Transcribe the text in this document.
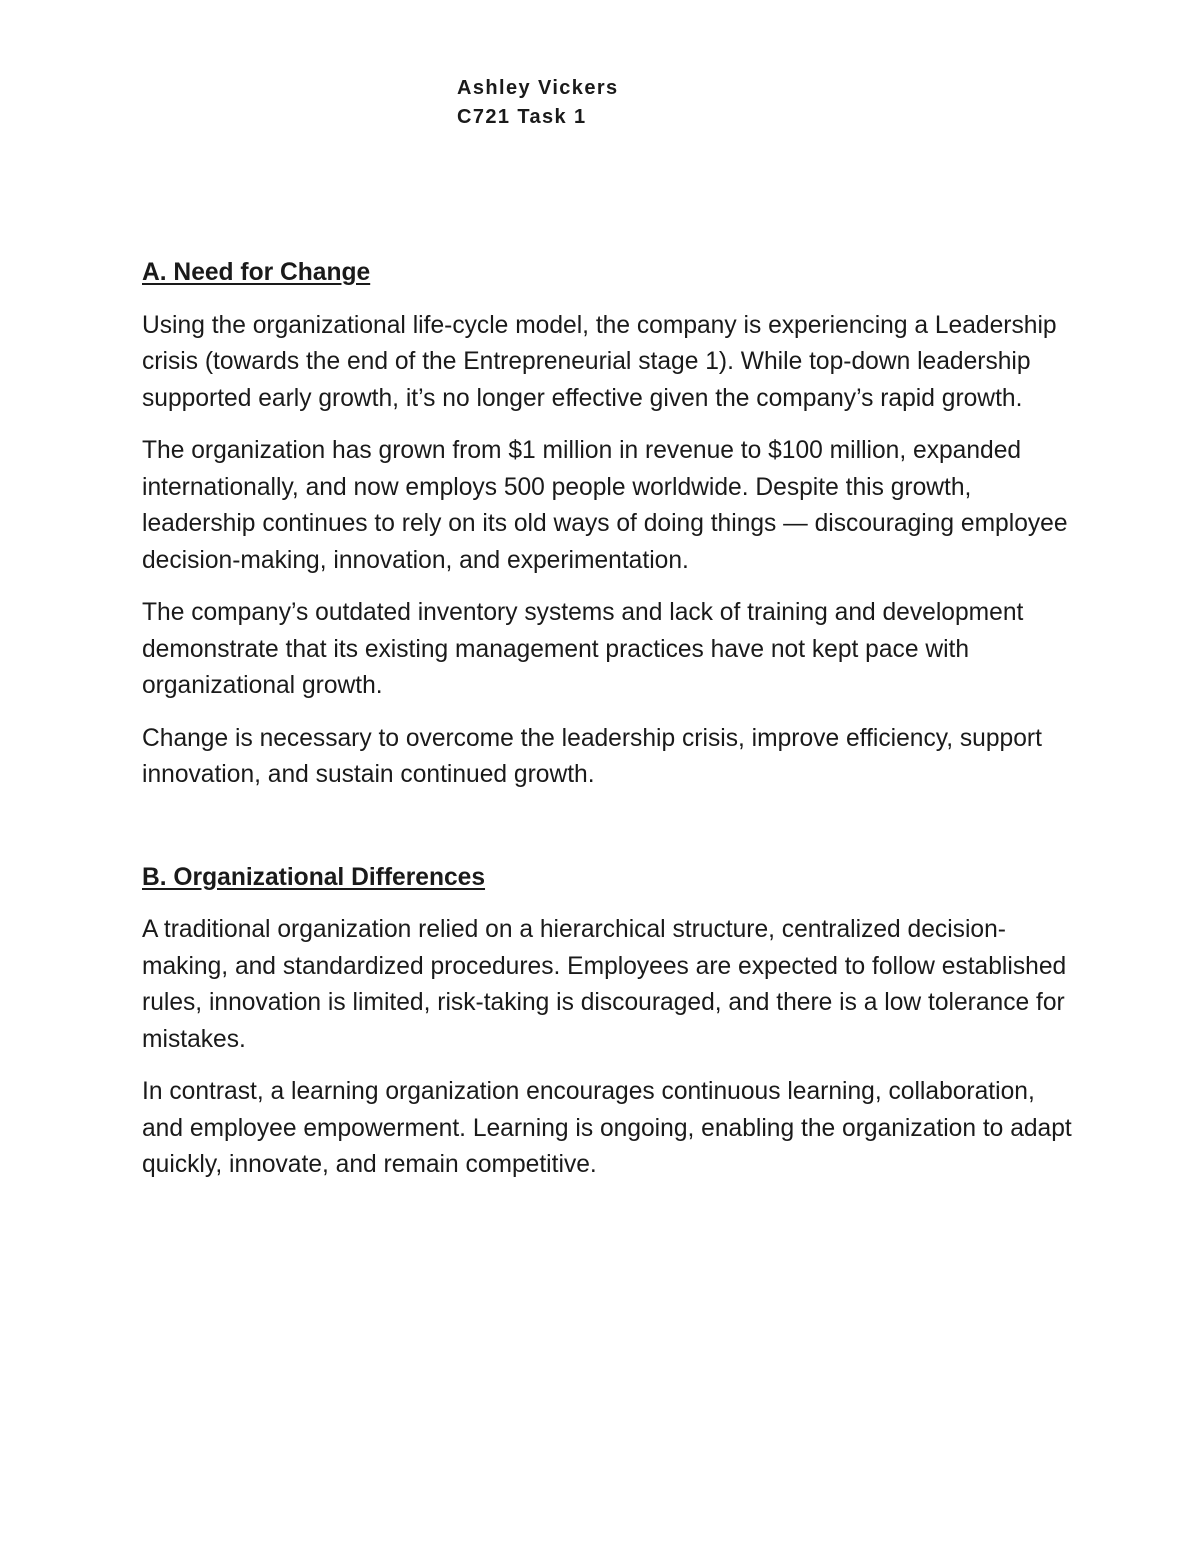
Ashley Vickers
C721 Task 1
A. Need for Change

Using the organizational life-cycle model, the company is experiencing a Leadership crisis (towards the end of the Entrepreneurial stage 1). While top-down leadership supported early growth, it’s no longer effective given the company’s rapid growth.

The organization has grown from $1 million in revenue to $100 million, expanded internationally, and now employs 500 people worldwide. Despite this growth, leadership continues to rely on its old ways of doing things — discouraging employee decision-making, innovation, and experimentation.

The company’s outdated inventory systems and lack of training and development demonstrate that its existing management practices have not kept pace with organizational growth.

Change is necessary to overcome the leadership crisis, improve efficiency, support innovation, and sustain continued growth.

B. Organizational Differences

A traditional organization relied on a hierarchical structure, centralized decision-making, and standardized procedures. Employees are expected to follow established rules, innovation is limited, risk-taking is discouraged, and there is a low tolerance for mistakes.

In contrast, a learning organization encourages continuous learning, collaboration, and employee empowerment. Learning is ongoing, enabling the organization to adapt quickly, innovate, and remain competitive.
